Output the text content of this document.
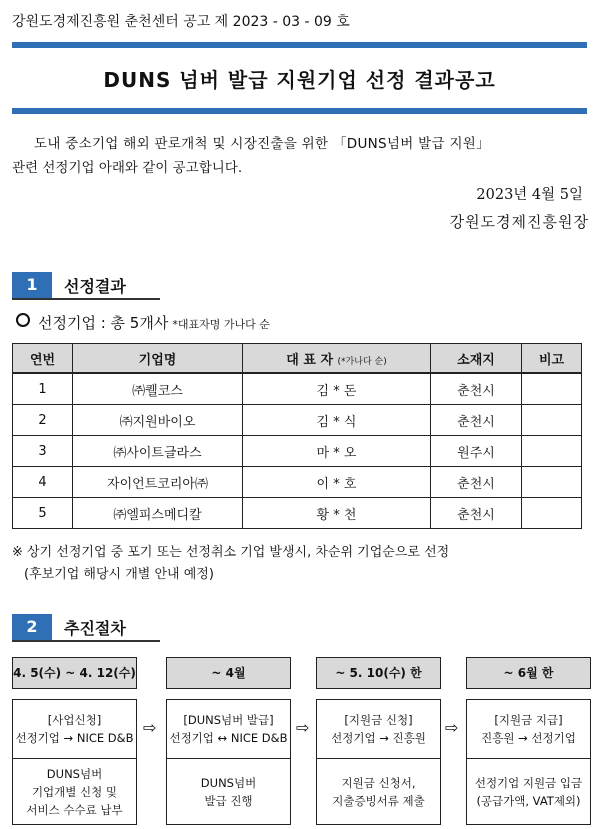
강원도경제진흥원 춘천센터 공고 제 2023 - 03 - 09 호
DUNS 넘버 발급 지원기업 선정 결과공고
도내 중소기업 해외 판로개척 및 시장진출을 위한 「DUNS넘버 발급 지원」
관련 선정기업 아래와 같이 공고합니다.
2023년 4월 5일
강원도경제진흥원장
1	선정결과
선정기업 : 총 5개사 *대표자명 가나다 순
연번	기업명	대 표 자 (*가나다 순)	소재지	비고
1	㈜퀠코스	김 * 돈	춘천시	
2	㈜지원바이오	김 * 식	춘천시	
3	㈜사이트글라스	마 * 오	원주시	
4	자이언트코리아㈜	이 * 호	춘천시	
5	㈜엘피스메디칼	황 * 천	춘천시	
※ 상기 선정기업 중 포기 또는 선정취소 기업 발생시, 차순위 기업순으로 선정
(후보기업 해당시 개별 안내 예정)
2	추진절차
4. 5(수) ~ 4. 12(수)
[사업신청]
선정기업 → NICE D&B
DUNS넘버
기업개별 신청 및
서비스 수수료 납부
⇨
~ 4월
[DUNS넘버 발급]
선정기업 ↔ NICE D&B
DUNS넘버
발급 진행
⇨
~ 5. 10(수) 한
[지원금 신청]
선정기업 → 진흥원
지원금 신청서,
지출증빙서류 제출
⇨
~ 6월 한
[지원금 지급]
진흥원 → 선정기업
선정기업 지원금 입금
(공급가액, VAT제외)
